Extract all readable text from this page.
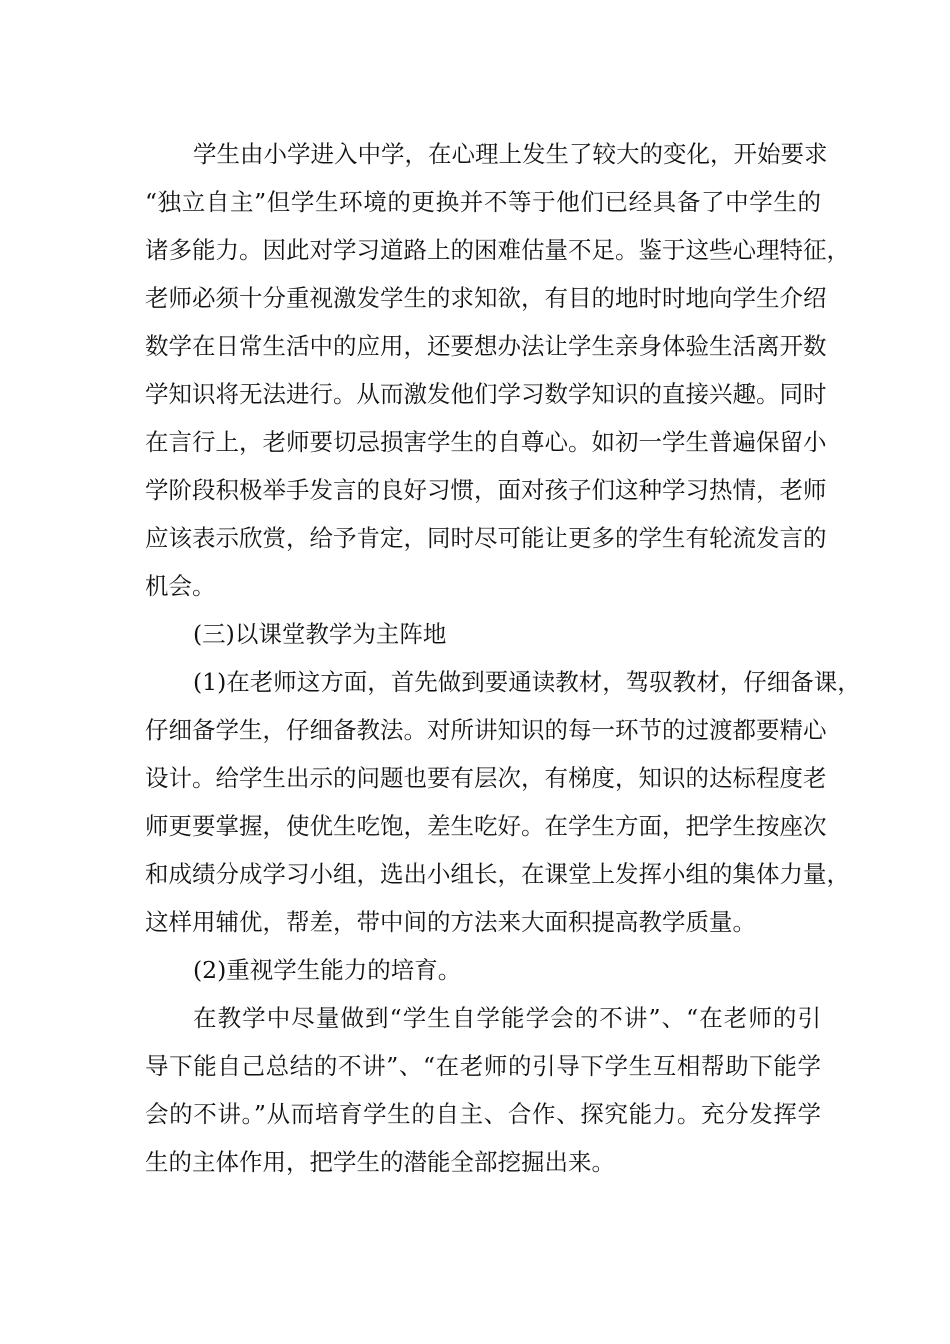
学生由小学进入中学，在心理上发生了较大的变化，开始要求
“独立自主”但学生环境的更换并不等于他们已经具备了中学生的
诸多能力。因此对学习道路上的困难估量不足。鉴于这些心理特征，
老师必须十分重视激发学生的求知欲，有目的地时时地向学生介绍
数学在日常生活中的应用，还要想办法让学生亲身体验生活离开数
学知识将无法进行。从而激发他们学习数学知识的直接兴趣。同时
在言行上，老师要切忌损害学生的自尊心。如初一学生普遍保留小
学阶段积极举手发言的良好习惯，面对孩子们这种学习热情，老师
应该表示欣赏，给予肯定，同时尽可能让更多的学生有轮流发言的
机会。
(三)以课堂教学为主阵地
(1)在老师这方面，首先做到要通读教材，驾驭教材，仔细备课，
仔细备学生，仔细备教法。对所讲知识的每一环节的过渡都要精心
设计。给学生出示的问题也要有层次，有梯度，知识的达标程度老
师更要掌握，使优生吃饱，差生吃好。在学生方面，把学生按座次
和成绩分成学习小组，选出小组长，在课堂上发挥小组的集体力量，
这样用辅优，帮差，带中间的方法来大面积提高教学质量。
(2)重视学生能力的培育。
在教学中尽量做到“学生自学能学会的不讲”、“在老师的引
导下能自己总结的不讲”、“在老师的引导下学生互相帮助下能学
会的不讲。”从而培育学生的自主、合作、探究能力。充分发挥学
生的主体作用，把学生的潜能全部挖掘出来。
